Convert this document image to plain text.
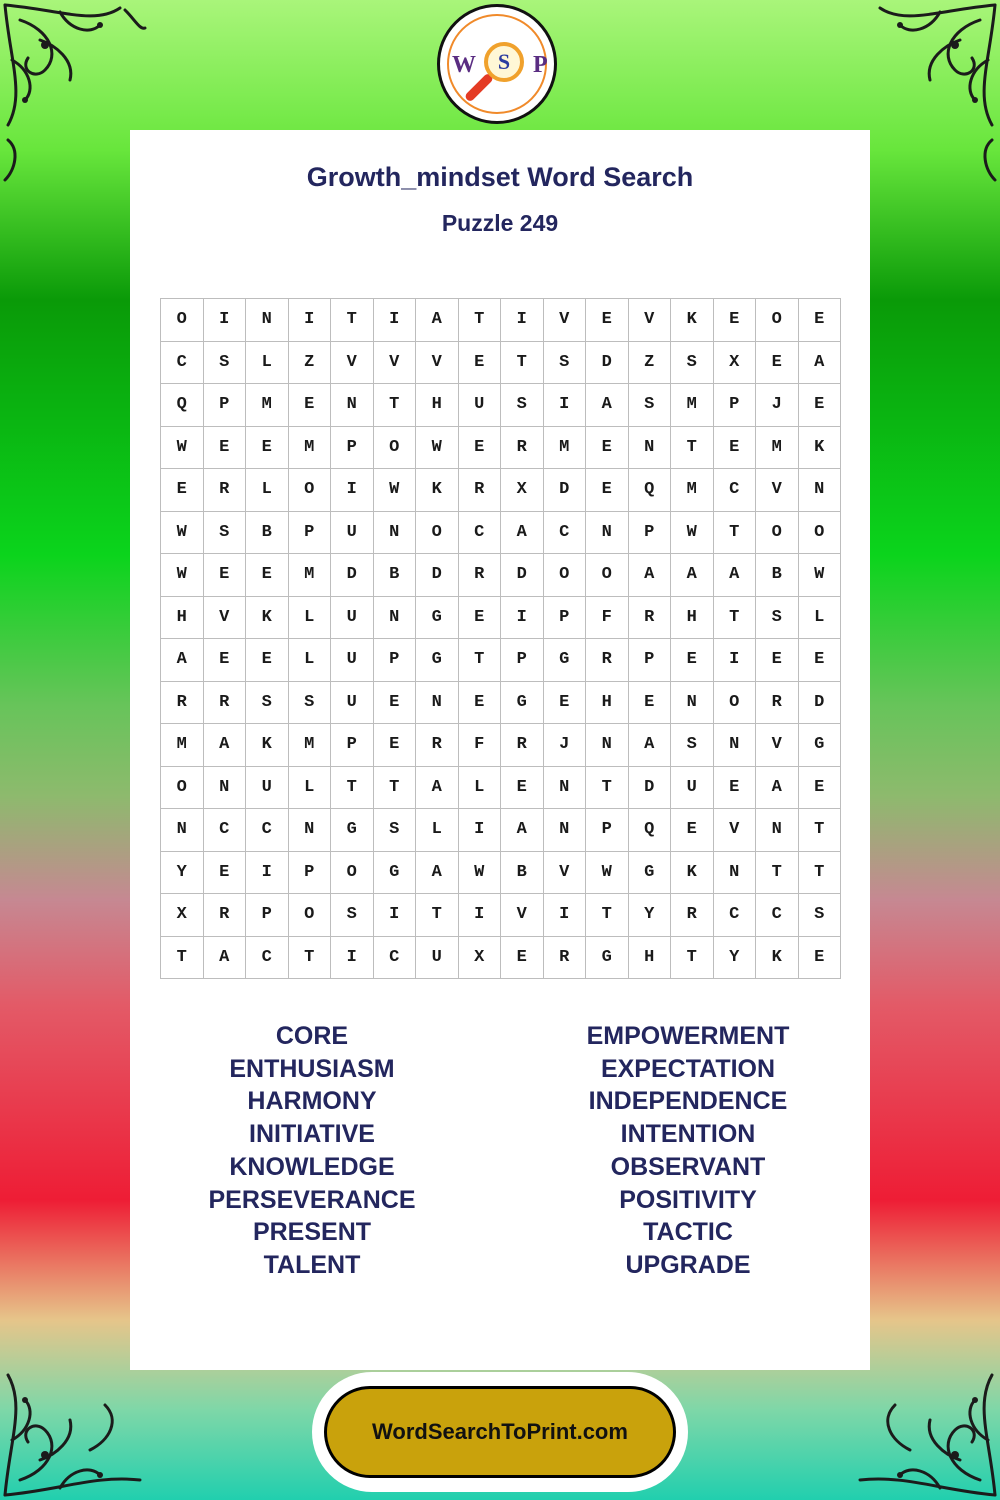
W S P
Growth_mindset Word Search
Puzzle 249
O	I	N	I	T	I	A	T	I	V	E	V	K	E	O	E
C	S	L	Z	V	V	V	E	T	S	D	Z	S	X	E	A
Q	P	M	E	N	T	H	U	S	I	A	S	M	P	J	E
W	E	E	M	P	O	W	E	R	M	E	N	T	E	M	K
E	R	L	O	I	W	K	R	X	D	E	Q	M	C	V	N
W	S	B	P	U	N	O	C	A	C	N	P	W	T	O	O
W	E	E	M	D	B	D	R	D	O	O	A	A	A	B	W
H	V	K	L	U	N	G	E	I	P	F	R	H	T	S	L
A	E	E	L	U	P	G	T	P	G	R	P	E	I	E	E
R	R	S	S	U	E	N	E	G	E	H	E	N	O	R	D
M	A	K	M	P	E	R	F	R	J	N	A	S	N	V	G
O	N	U	L	T	T	A	L	E	N	T	D	U	E	A	E
N	C	C	N	G	S	L	I	A	N	P	Q	E	V	N	T
Y	E	I	P	O	G	A	W	B	V	W	G	K	N	T	T
X	R	P	O	S	I	T	I	V	I	T	Y	R	C	C	S
T	A	C	T	I	C	U	X	E	R	G	H	T	Y	K	E
CORE
ENTHUSIASM
HARMONY
INITIATIVE
KNOWLEDGE
PERSEVERANCE
PRESENT
TALENT
EMPOWERMENT
EXPECTATION
INDEPENDENCE
INTENTION
OBSERVANT
POSITIVITY
TACTIC
UPGRADE
WordSearchToPrint.com
